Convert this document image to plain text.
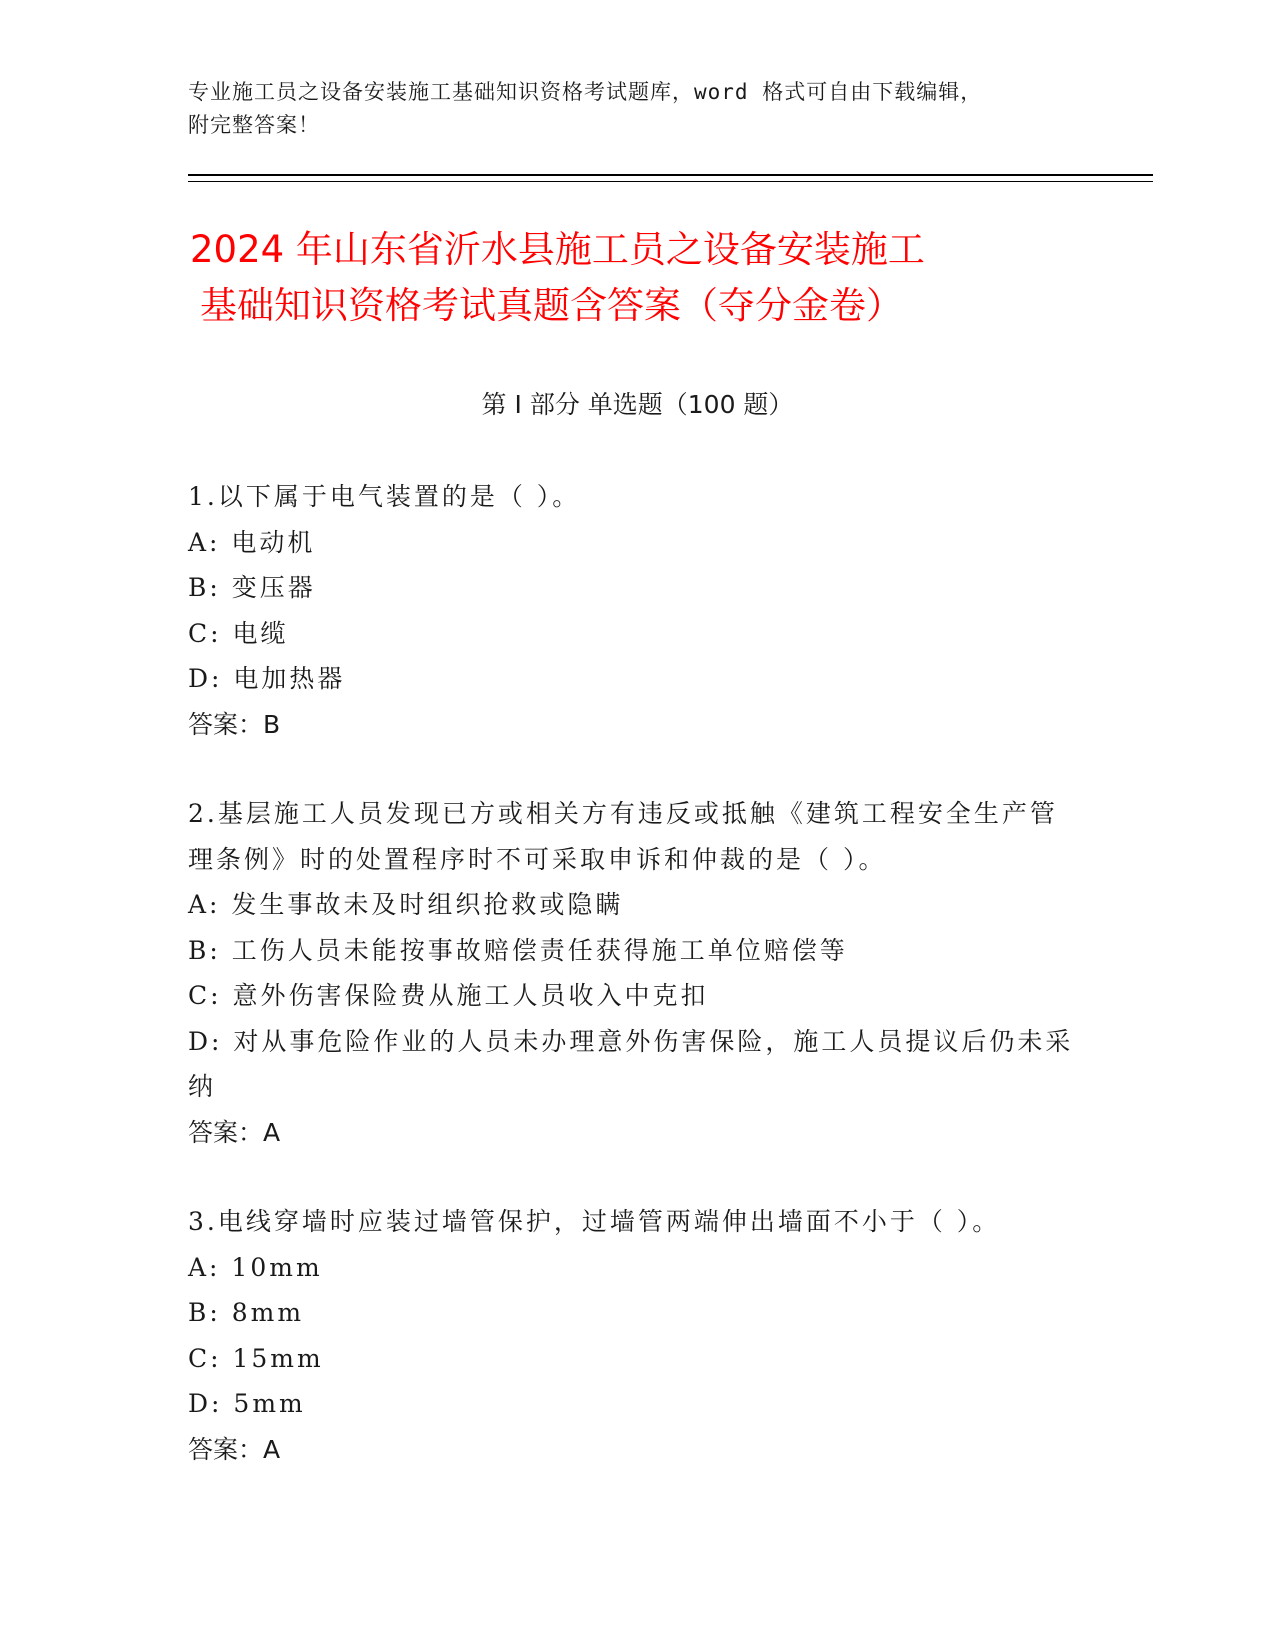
专业施工员之设备安装施工基础知识资格考试题库，word 格式可自由下载编辑，
附完整答案！
2024 年山东省沂水县施工员之设备安装施工
基础知识资格考试真题含答案（夺分金卷）
第 I 部分 单选题（100 题）
1.以下属于电气装置的是（ ）。
A: 电动机
B: 变压器
C: 电缆
D: 电加热器
答案：B
2.基层施工人员发现已方或相关方有违反或抵触《建筑工程安全生产管理条例》时的处置程序时不可采取申诉和仲裁的是（ ）。
A: 发生事故未及时组织抢救或隐瞒
B: 工伤人员未能按事故赔偿责任获得施工单位赔偿等
C: 意外伤害保险费从施工人员收入中克扣
D: 对从事危险作业的人员未办理意外伤害保险，施工人员提议后仍未采纳
答案：A
3.电线穿墙时应装过墙管保护，过墙管两端伸出墙面不小于（ ）。
A: 10mm
B: 8mm
C: 15mm
D: 5mm
答案：A
